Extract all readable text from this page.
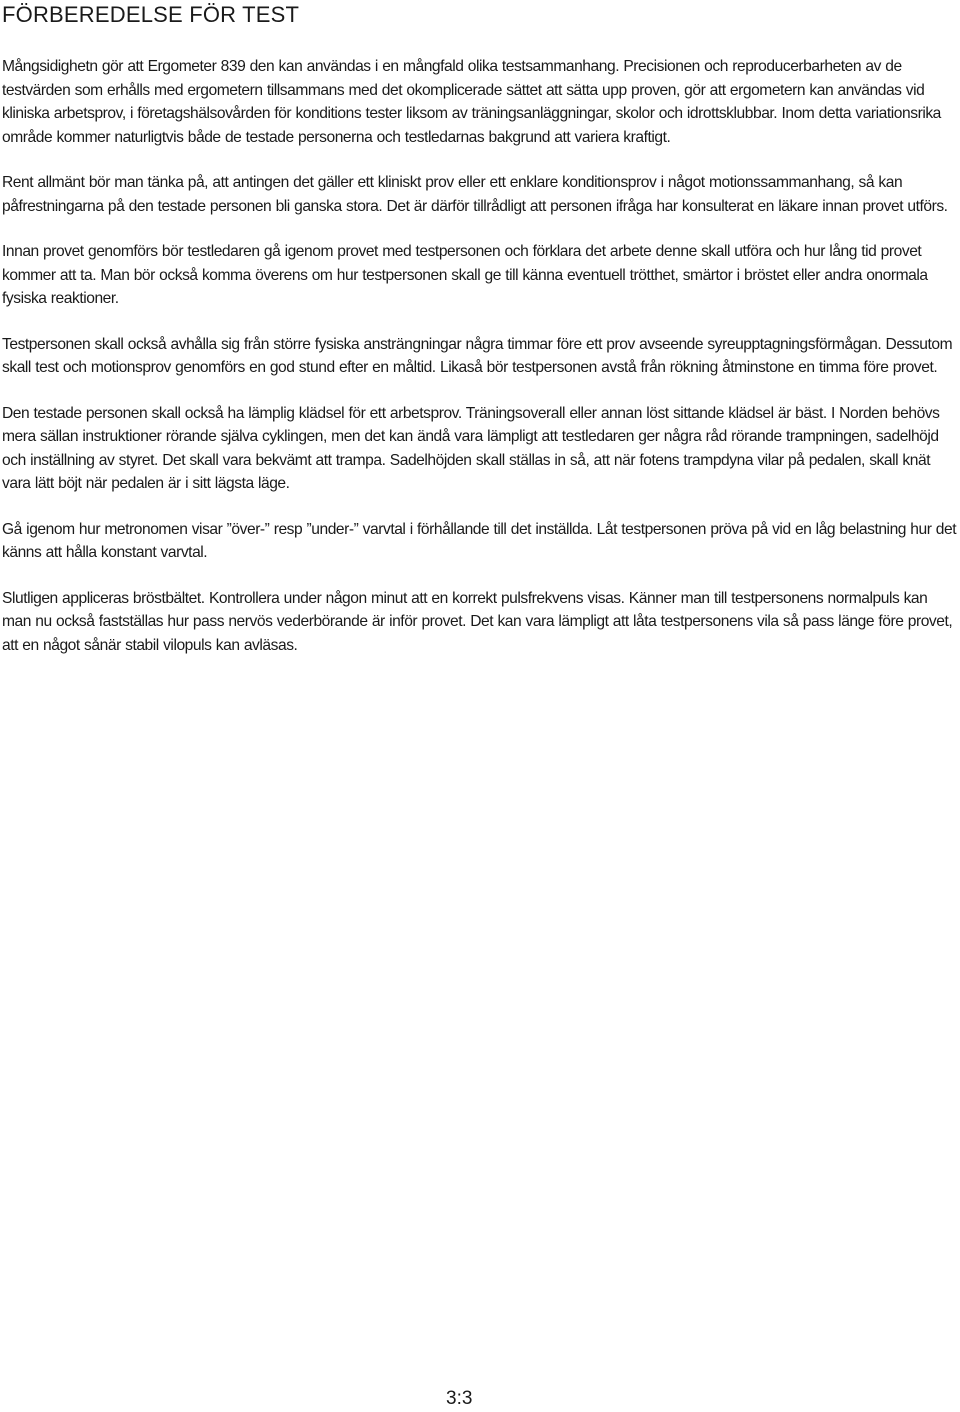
FÖRBEREDELSE FÖR TEST

Mångsidighetn gör att Ergometer 839 den kan användas i en mångfald olika testsammanhang. Precisionen och reproducerbarheten av de testvärden som erhålls med ergometern tillsammans med det okomplicerade sättet att sätta upp proven, gör att ergometern kan användas vid kliniska arbetsprov, i företagshälsovården för konditions tester liksom av träningsanläggningar, skolor och idrottsklubbar. Inom detta variationsrika område kommer naturligtvis både de testade personerna och testledarnas bakgrund att variera kraftigt.

Rent allmänt bör man tänka på, att antingen det gäller ett kliniskt prov eller ett enklare konditionsprov i något motionssammanhang, så kan påfrestningarna på den testade personen bli ganska stora. Det är därför tillrådligt att personen ifråga har konsulterat en läkare innan provet utförs.

Innan provet genomförs bör testledaren gå igenom provet med testpersonen och förklara det arbete denne skall utföra och hur lång tid provet kommer att ta. Man bör också komma överens om hur testpersonen skall ge till känna eventuell trötthet, smärtor i bröstet eller andra onormala fysiska reaktioner.

Testpersonen skall också avhålla sig från större fysiska ansträngningar några timmar före ett prov avseende syreupptagningsförmågan. Dessutom skall test och motionsprov genomförs en god stund efter en måltid. Likaså bör testpersonen avstå från rökning åtminstone en timma före provet.

Den testade personen skall också ha lämplig klädsel för ett arbetsprov. Träningsoverall eller annan löst sittande klädsel är bäst. I Norden behövs mera sällan instruktioner rörande själva cyklingen, men det kan ändå vara lämpligt att testledaren ger några råd rörande trampningen, sadelhöjd och inställning av styret. Det skall vara bekvämt att trampa. Sadelhöjden skall ställas in så, att när fotens trampdyna vilar på pedalen, skall knät vara lätt böjt när pedalen är i sitt lägsta läge.

Gå igenom hur metronomen visar ”över-” resp ”under-” varvtal i förhållande till det inställda. Låt testpersonen pröva på vid en låg belastning hur det känns att hålla konstant varvtal.

Slutligen appliceras bröstbältet. Kontrollera under någon minut att en korrekt pulsfrekvens visas. Känner man till testpersonens normalpuls kan man nu också fastställas hur pass nervös vederbörande är inför provet. Det kan vara lämpligt att låta testpersonens vila så pass länge före provet, att en något sånär stabil vilopuls kan avläsas.

3:3
